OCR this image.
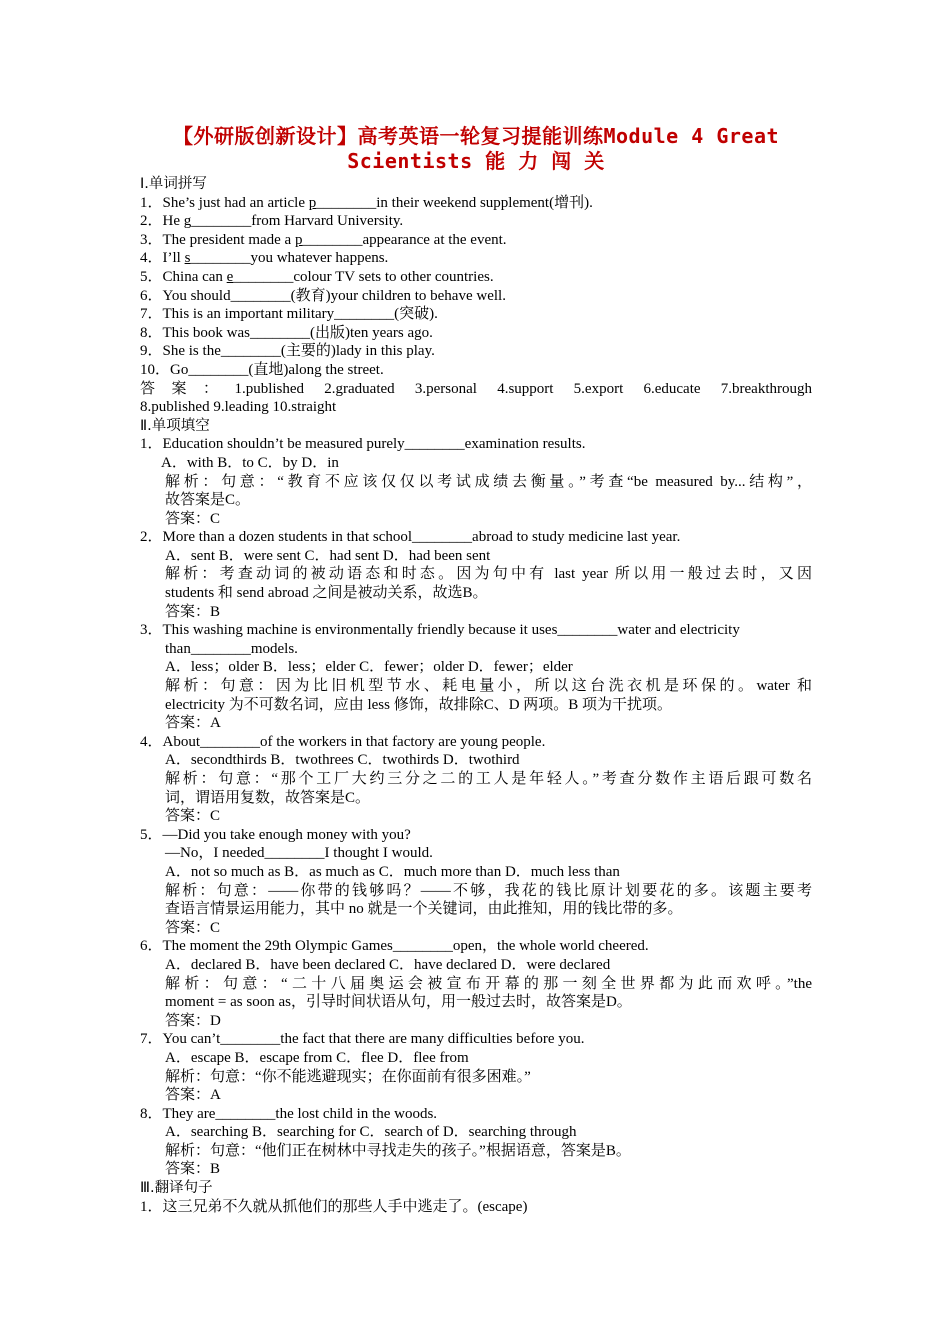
【外研版创新设计】高考英语一轮复习提能训练Module 4 Great
Scientists 能 力 闯 关
Ⅰ.单词拼写
1．She’s just had an article p________in their weekend supplement(增刊).
2．He g________from Harvard University.
3．The president made a p________appearance at the event.
4．I’ll s________you whatever happens.
5．China can e________colour TV sets to other countries.
6．You should________(教育)your children to behave well.
7．This is an important military________(突破).
8．This book was________(出版)ten years ago.
9．She is the________(主要的)lady in this play.
10．Go________(直地)along the street.
答案：1.published 2.graduated 3.personal 4.support 5.export 6.educate 7.breakthrough
8.published 9.leading 10.straight
Ⅱ.单项填空
1．Education shouldn’t be measured purely________examination results.
A．with B．to C．by D．in
解析：句意：“教育不应该仅仅以考试成绩去衡量。”考查“be measured by...结构”，
故答案是C。
答案：C
2．More than a dozen students in that school________abroad to study medicine last year.
A．sent B．were sent C．had sent D．had been sent
解析：考查动词的被动语态和时态。因为句中有 last year 所以用一般过去时，又因
students 和 send abroad 之间是被动关系，故选B。
答案：B
3．This washing machine is environmentally friendly because it uses________water and electricity
than________models.
A．less；older B．less；elder C．fewer；older D．fewer；elder
解析：句意：因为比旧机型节水、耗电量小，所以这台洗衣机是环保的。water 和
electricity 为不可数名词，应由 less 修饰，故排除C、D 两项。B 项为干扰项。
答案：A
4．About________of the workers in that factory are young people.
A．secondthirds B．twothrees C．twothirds D．twothird
解析：句意：“那个工厂大约三分之二的工人是年轻人。”考查分数作主语后跟可数名
词，谓语用复数，故答案是C。
答案：C
5．—Did you take enough money with you?
—No，I needed________I thought I would.
A．not so much as B．as much as C．much more than D．much less than
解析：句意：——你带的钱够吗？——不够，我花的钱比原计划要花的多。该题主要考
查语言情景运用能力，其中 no 就是一个关键词，由此推知，用的钱比带的多。
答案：C
6．The moment the 29th Olympic Games________open，the whole world cheered.
A．declared B．have been declared C．have declared D．were declared
解析：句意：“二十八届奥运会被宣布开幕的那一刻全世界都为此而欢呼。”the
moment = as soon as，引导时间状语从句，用一般过去时，故答案是D。
答案：D
7．You can’t________the fact that there are many difficulties before you.
A．escape B．escape from C．flee D．flee from
解析：句意：“你不能逃避现实；在你面前有很多困难。”
答案：A
8．They are________the lost child in the woods.
A．searching B．searching for C．search of D．searching through
解析：句意：“他们正在树林中寻找走失的孩子。”根据语意，答案是B。
答案：B
Ⅲ.翻译句子
1．这三兄弟不久就从抓他们的那些人手中逃走了。(escape)
